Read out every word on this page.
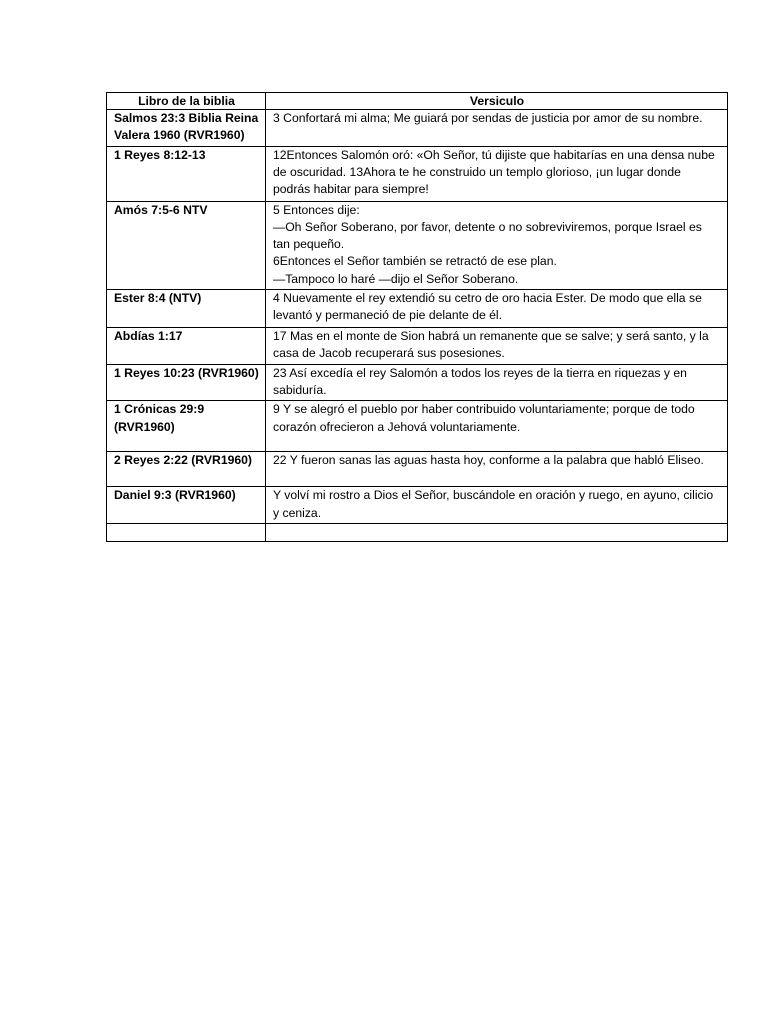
Libro de la biblia	Versiculo
Salmos 23:3 Biblia Reina Valera 1960 (RVR1960)	3 Confortará mi alma; Me guiará por sendas de justicia por amor de su nombre.

1 Reyes 8:12-13	12Entonces Salomón oró: «Oh Señor, tú dijiste que habitarías en una densa nube de oscuridad. 13Ahora te he construido un templo glorioso, ¡un lugar donde podrás habitar para siempre!

Amós 7:5-6 NTV	5 Entonces dije:
—Oh Señor Soberano, por favor, detente o no sobreviviremos, porque Israel es tan pequeño.
6Entonces el Señor también se retractó de ese plan.
—Tampoco lo haré —dijo el Señor Soberano.

Ester 8:4 (NTV)	4 Nuevamente el rey extendió su cetro de oro hacia Ester. De modo que ella se levantó y permaneció de pie delante de él.

Abdías 1:17	17 Mas en el monte de Sion habrá un remanente que se salve; y será santo, y la casa de Jacob recuperará sus posesiones.

1 Reyes 10:23 (RVR1960)	23 Así excedía el rey Salomón a todos los reyes de la tierra en riquezas y en sabiduría.

1 Crónicas 29:9 (RVR1960)	9 Y se alegró el pueblo por haber contribuido voluntariamente; porque de todo corazón ofrecieron a Jehová voluntariamente.

2 Reyes 2:22 (RVR1960)	22 Y fueron sanas las aguas hasta hoy, conforme a la palabra que habló Eliseo.

Daniel 9:3 (RVR1960)	Y volví mi rostro a Dios el Señor, buscándole en oración y ruego, en ayuno, cilicio y ceniza.
